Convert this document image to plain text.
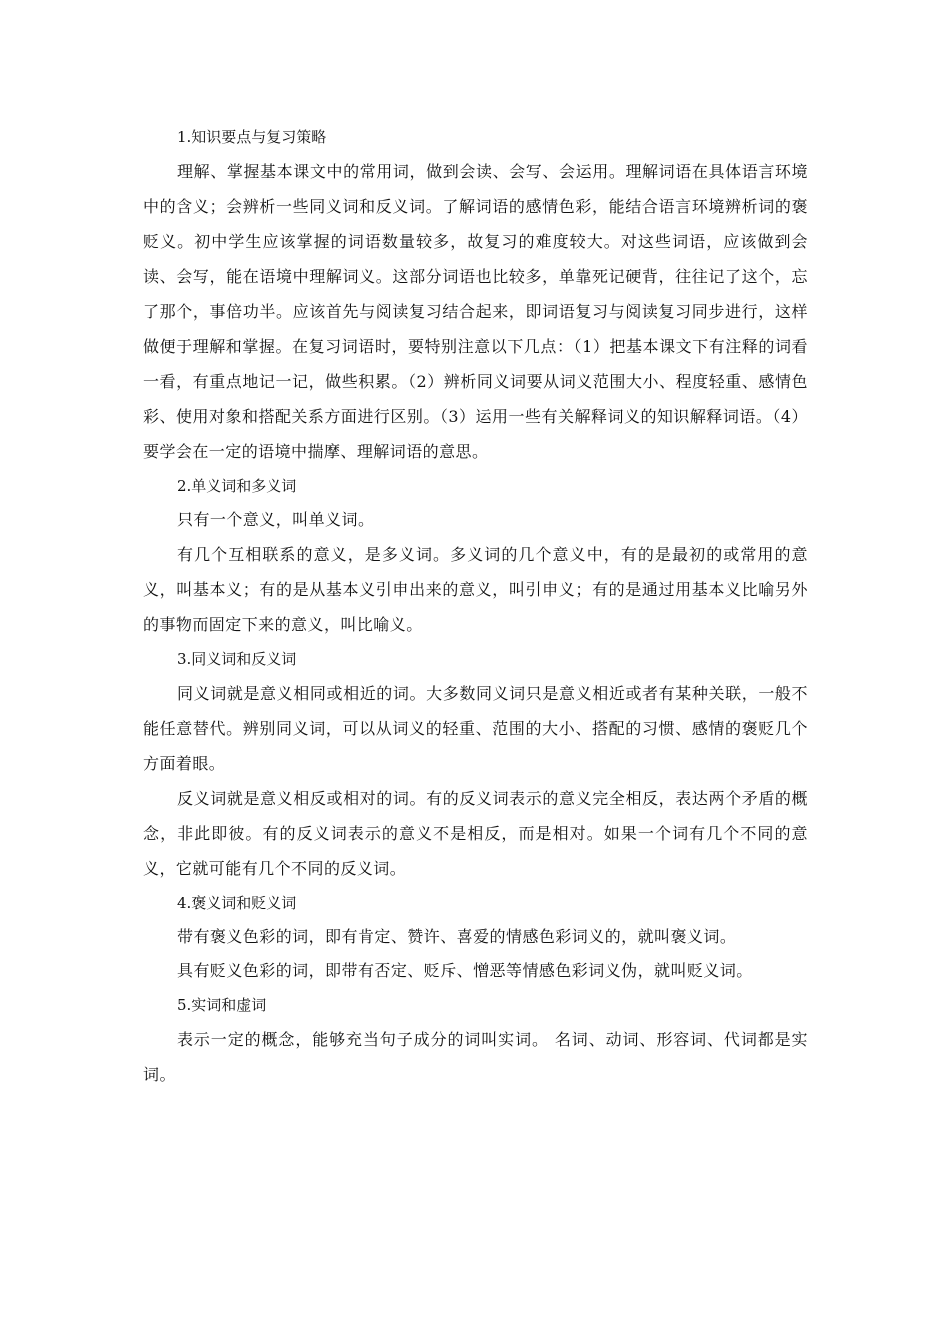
1.知识要点与复习策略

理解、掌握基本课文中的常用词，做到会读、会写、会运用。理解词语在具体语言环境中的含义；会辨析一些同义词和反义词。了解词语的感情色彩，能结合语言环境辨析词的褒贬义。初中学生应该掌握的词语数量较多，故复习的难度较大。对这些词语，应该做到会读、会写，能在语境中理解词义。这部分词语也比较多，单靠死记硬背，往往记了这个，忘了那个，事倍功半。应该首先与阅读复习结合起来，即词语复习与阅读复习同步进行，这样做便于理解和掌握。在复习词语时，要特别注意以下几点：（1）把基本课文下有注释的词看一看，有重点地记一记，做些积累。（2）辨析同义词要从词义范围大小、程度轻重、感情色彩、使用对象和搭配关系方面进行区别。（3）运用一些有关解释词义的知识解释词语。（4）要学会在一定的语境中揣摩、理解词语的意思。

2.单义词和多义词

只有一个意义，叫单义词。

有几个互相联系的意义，是多义词。多义词的几个意义中，有的是最初的或常用的意义，叫基本义；有的是从基本义引申出来的意义，叫引申义；有的是通过用基本义比喻另外的事物而固定下来的意义，叫比喻义。

3.同义词和反义词

同义词就是意义相同或相近的词。大多数同义词只是意义相近或者有某种关联，一般不能任意替代。辨别同义词，可以从词义的轻重、范围的大小、搭配的习惯、感情的褒贬几个方面着眼。

反义词就是意义相反或相对的词。有的反义词表示的意义完全相反，表达两个矛盾的概念，非此即彼。有的反义词表示的意义不是相反，而是相对。如果一个词有几个不同的意义，它就可能有几个不同的反义词。

4.褒义词和贬义词

带有褒义色彩的词，即有肯定、赞许、喜爱的情感色彩词义的，就叫褒义词。

具有贬义色彩的词，即带有否定、贬斥、憎恶等情感色彩词义伪，就叫贬义词。

5.实词和虚词

表示一定的概念，能够充当句子成分的词叫实词。 名词、动词、形容词、代词都是实词。
